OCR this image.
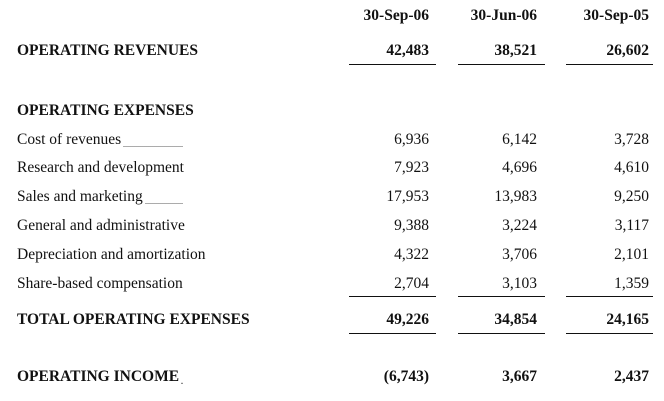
30-Sep-06	30-Jun-06	30-Sep-05
OPERATING REVENUES . . .	42,483	38,521	26,602
OPERATING EXPENSES
Cost of revenues . . .	6,936	6,142	3,728
Research and development . . .	7,923	4,696	4,610
Sales and marketing . . .	17,953	13,983	9,250
General and administrative . . .	9,388	3,224	3,117
Depreciation and amortization . . .	4,322	3,706	2,101
Share-based compensation . . .	2,704	3,103	1,359
TOTAL OPERATING EXPENSES . . .	49,226	34,854	24,165
OPERATING INCOME . . .	(6,743)	3,667	2,437
